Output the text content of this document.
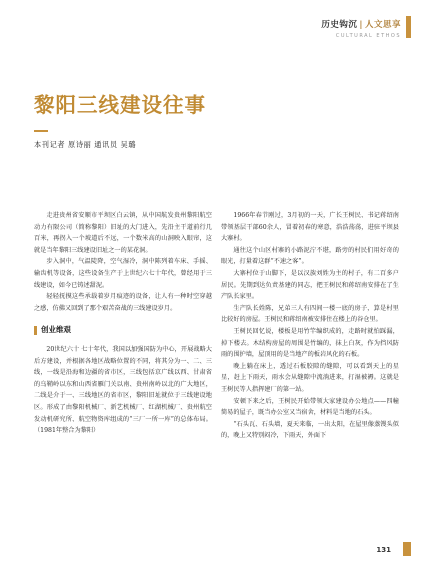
历史钩沉 | 人文思享
CULTURAL ETHOS
黎阳三线建设往事
本刊记者 原诗丽 通讯员 吴璐

走进贵州省安顺市平坝区白云镇，从中国航发贵州黎阳航空动力有限公司（简称黎阳）旧址的大门进入，先沿主干道前行几百米，再拐入一个坡道后不远，一个数米高的山洞映入眼帘，这就是当年黎阳三线建设旧址之一的某花洞。

步入洞中，气温陡降，空气湿冷，洞中陈列着车床、手摇、输齿机等设备，这些设备生产于上世纪六七十年代，曾经用于三线建设，如今已铸述甜泥。

轻轻抚摸这些承载着岁月痕迹的设备，让人有一种时空穿越之感，仿佛又回到了那个艰苦奋战的三线建设岁月。

创业维艰

20世纪六十 七十年代，我国以加强国防为中心，开展战略大后方建设，并根据各地区战略位置的不同，将其分为一、二、三线，一线是沿海和边疆的省市区，三线包括京广线以西、甘肃省的乌鞘岭以东和山西省雁门关以南、贵州南岭以北的广大地区，二线是介于一、三线地区的省市区，黎阳旧址就位于三线建设地区。形成了由黎阳机械厂、新艺机械厂、红湖机械厂、贵州航空发动机研究所、航空物资库组成的“三厂一所一库”的总体布局。（1981年整合为黎阳）

1966年春节刚过，3月初的一天，广长王树民、书记蒋绍南带领基层干部60余人，冒着初春的寒意，浩浩荡荡，进驻平坝县大寨村。

通往这个山区村寨的小路泥泞不堪，路旁的村民们用好奇的眼光，打量着这群“不速之客”。

大寨村位于山脚下，是以汉族刘姓为主的村子，有二百多户居民。先期到达负责基建的同志，把王树民和蒋绍南安排在了生产队长家里。

生产队长姓陈，兄弟三人有四间一楼一底的房子，算是村里比较好的房屋。王树民和蒋绍南被安排住在楼上的谷仓里。

王树民回忆说，楼板是用竹竿编织成的，走路时就怕踩漏，掉下楼去。木结构房屋的周围是竹编的，抹上白灰，作为挡风防雨的围护墙，屋顶用的是当地产的板岩风化的石板。

晚上躺在床上，透过石板胶隙的缝隙，可以看到天上的星星，赶上下雨天，雨水会从缝隙中流淌进来，打湿被褥。这就是王树民等人指挥建厂的第一站。

安顿下来之后，王树民开始带领大家建设办公地点——四幢简易的屋子，既当办公室又当宿舍，材料是当地的石头。

“石头瓦、石头墙，夏天来临，一出太阳，在屋里像蒸馒头似的，晚上又特别闷冷，下雨天，外面下

131
